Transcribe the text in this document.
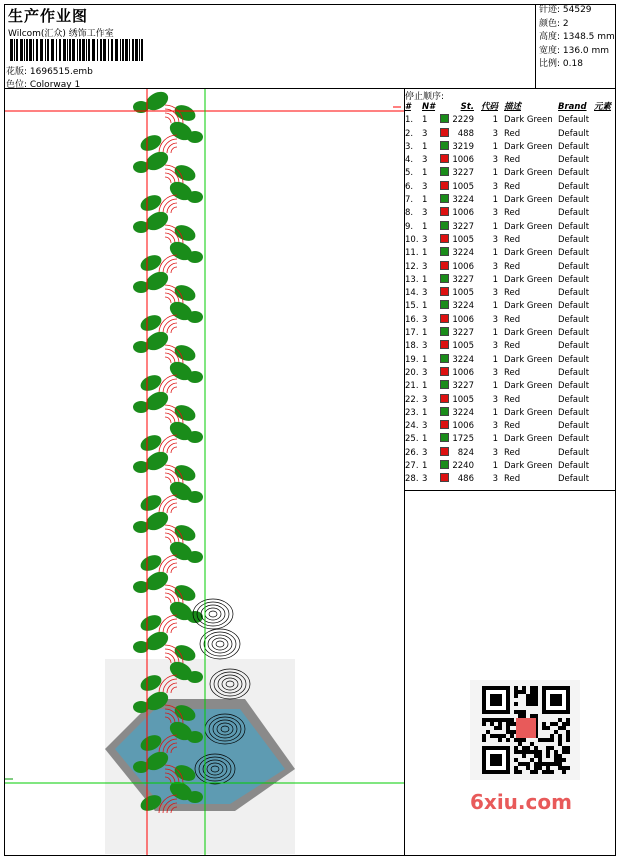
生产作业图
Wilcom(汇众) 绣饰工作室
花版: 1696515.emb
色位: Colorway 1
针迹: 54529
颜色: 2
高度: 1348.5 mm
宽度: 136.0 mm
比例: 0.18
停止顺序:
# N#	St. 代码 描述	Brand 元素
1. 1	2229	1 Dark Green Default
2. 3	488	3 Red	Default
3. 1	3219	1 Dark Green Default
4. 3	1006	3 Red	Default
5. 1	3227	1 Dark Green Default
6. 3	1005	3 Red	Default
7. 1	3224	1 Dark Green Default
8. 3	1006	3 Red	Default
9. 1	3227	1 Dark Green Default
10. 3	1005	3 Red	Default
11. 1	3224	1 Dark Green Default
12. 3	1006	3 Red	Default
13. 1	3227	1 Dark Green Default
14. 3	1005	3 Red	Default
15. 1	3224	1 Dark Green Default
16. 3	1006	3 Red	Default
17. 1	3227	1 Dark Green Default
18. 3	1005	3 Red	Default
19. 1	3224	1 Dark Green Default
20. 3	1006	3 Red	Default
21. 1	3227	1 Dark Green Default
22. 3	1005	3 Red	Default
23. 1	3224	1 Dark Green Default
24. 3	1006	3 Red	Default
25. 1	1725	1 Dark Green Default
26. 3	824	3 Red	Default
27. 1	2240	1 Dark Green Default
28. 3	486	3 Red	Default
6xiu.com
